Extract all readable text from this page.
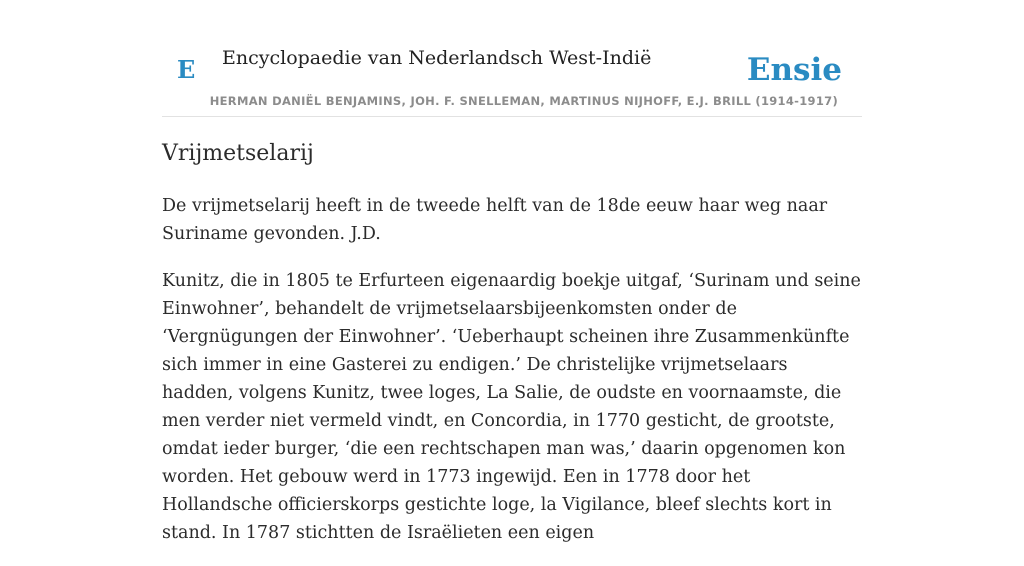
E Encyclopaedie van Nederlandsch West-Indië	Ensie
HERMAN DANIËL BENJAMINS, JOH. F. SNELLEMAN, MARTINUS NIJHOFF, E.J. BRILL (1914-1917)
Vrijmetselarij

De vrijmetselarij heeft in de tweede helft van de 18de eeuw haar weg naar Suriname gevonden. J.D.

Kunitz, die in 1805 te Erfurteen eigenaardig boekje uitgaf, ‘Surinam und seine Einwohner’, behandelt de vrijmetselaarsbijeenkomsten onder de ‘Vergnügungen der Einwohner’. ‘Ueberhaupt scheinen ihre Zusammenkünfte sich immer in eine Gasterei zu endigen.’ De christelijke vrijmetselaars hadden, volgens Kunitz, twee loges, La Salie, de oudste en voornaamste, die men verder niet vermeld vindt, en Concordia, in 1770 gesticht, de grootste, omdat ieder burger, ‘die een rechtschapen man was,’ daarin opgenomen kon worden. Het gebouw werd in 1773 ingewijd. Een in 1778 door het Hollandsche officierskorps gestichte loge, la Vigilance, bleef slechts kort in stand. In 1787 stichtten de Israëlieten een eigen
